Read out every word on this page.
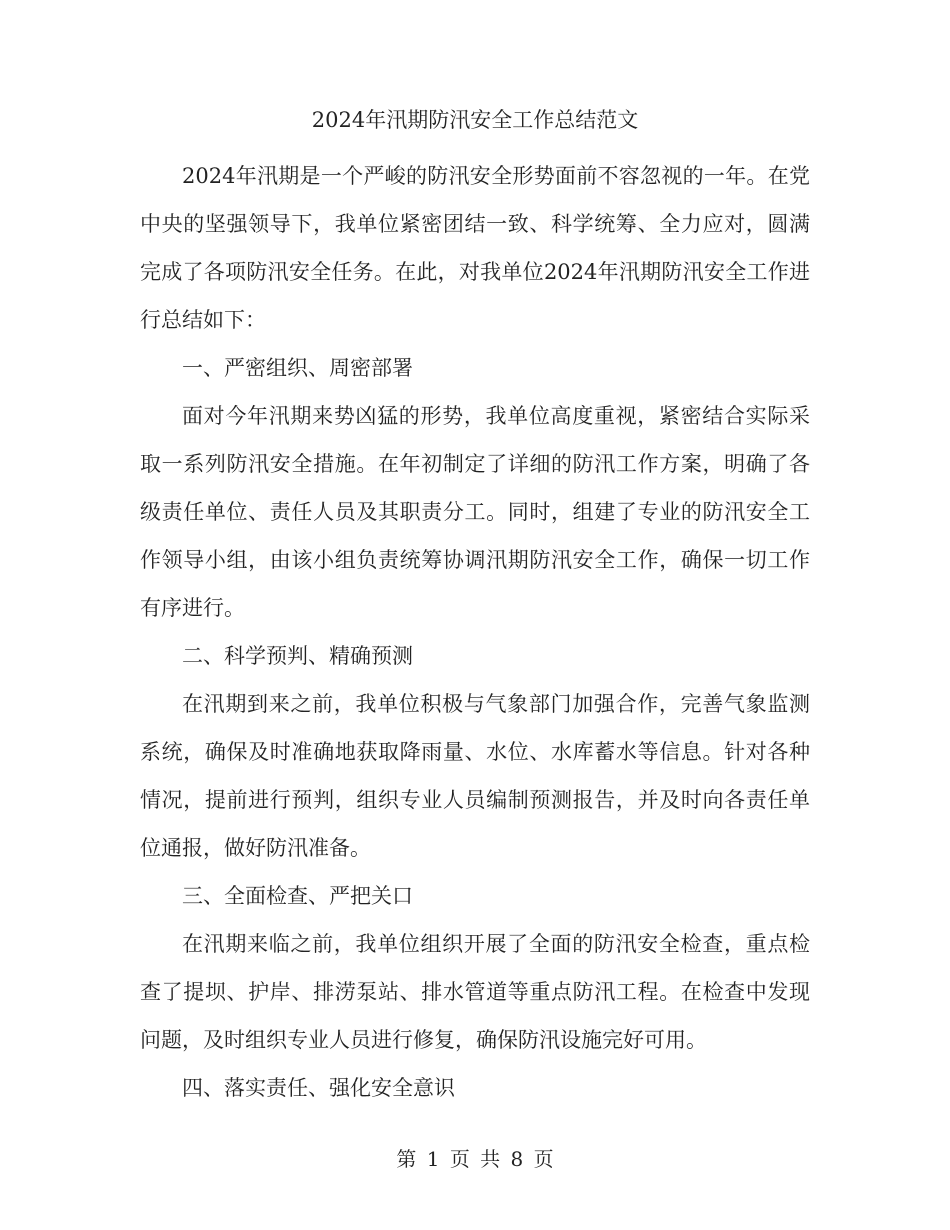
2024年汛期防汛安全工作总结范文

2024年汛期是一个严峻的防汛安全形势面前不容忽视的一年。在党中央的坚强领导下，我单位紧密团结一致、科学统筹、全力应对，圆满完成了各项防汛安全任务。在此，对我单位2024年汛期防汛安全工作进行总结如下：

一、严密组织、周密部署

面对今年汛期来势凶猛的形势，我单位高度重视，紧密结合实际采取一系列防汛安全措施。在年初制定了详细的防汛工作方案，明确了各级责任单位、责任人员及其职责分工。同时，组建了专业的防汛安全工作领导小组，由该小组负责统筹协调汛期防汛安全工作，确保一切工作有序进行。

二、科学预判、精确预测

在汛期到来之前，我单位积极与气象部门加强合作，完善气象监测系统，确保及时准确地获取降雨量、水位、水库蓄水等信息。针对各种情况，提前进行预判，组织专业人员编制预测报告，并及时向各责任单位通报，做好防汛准备。

三、全面检查、严把关口

在汛期来临之前，我单位组织开展了全面的防汛安全检查，重点检查了提坝、护岸、排涝泵站、排水管道等重点防汛工程。在检查中发现问题，及时组织专业人员进行修复，确保防汛设施完好可用。

四、落实责任、强化安全意识

第 1 页 共 8 页
